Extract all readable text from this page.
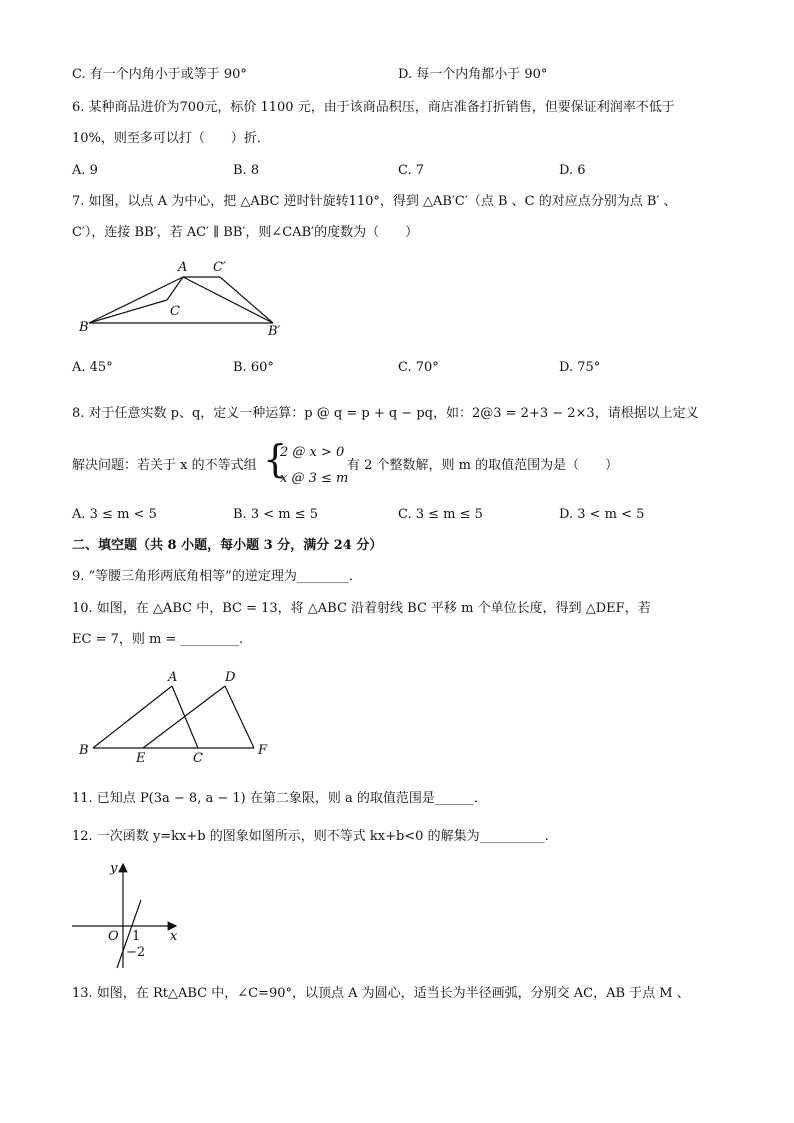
C. 有一个内角小于或等于 90°	D. 每一个内角都小于 90°
6. 某种商品进价为700元，标价 1100 元，由于该商品积压，商店准备打折销售，但要保证利润率不低于
10%，则至多可以打（　　）折．
A. 9	B. 8	C. 7	D. 6
7. 如图，以点 A 为中心，把 △ABC 逆时针旋转110°，得到 △AB′C′（点 B 、C 的对应点分别为点 B′ 、
C′），连接 BB′，若 AC′ ∥ BB′，则∠CAB′的度数为（　　）
A C′
C
B	B′
A. 45°	B. 60°	C. 70°	D. 75°
8. 对于任意实数 p、q，定义一种运算：p @ q = p + q − pq，如：2@3 = 2+3 − 2×3，请根据以上定义
解决问题：若关于 x 的不等式组 {
2 @ x > 0
x @ 3 ≤ m
有 2 个整数解，则 m 的取值范围为是（　　）
A. 3 ≤ m < 5	B. 3 < m ≤ 5	C. 3 ≤ m ≤ 5	D. 3 < m < 5
二、填空题（共 8 小题，每小题 3 分，满分 24 分）
9. “等腰三角形两底角相等”的逆定理为________．
10. 如图，在 △ABC 中，BC = 13，将 △ABC 沿着射线 BC 平移 m 个单位长度，得到 △DEF，若
EC = 7，则 m = _________.
A	D
B
E	C
F
11. 已知点 P(3a − 8, a − 1) 在第二象限，则 a 的取值范围是______．
12. 一次函数 y=kx+b 的图象如图所示，则不等式 kx+b<0 的解集为__________.
y
x
O 1
−2
13. 如图，在 Rt△ABC 中，∠C=90°，以顶点 A 为圆心，适当长为半径画弧，分别交 AC，AB 于点 M 、
